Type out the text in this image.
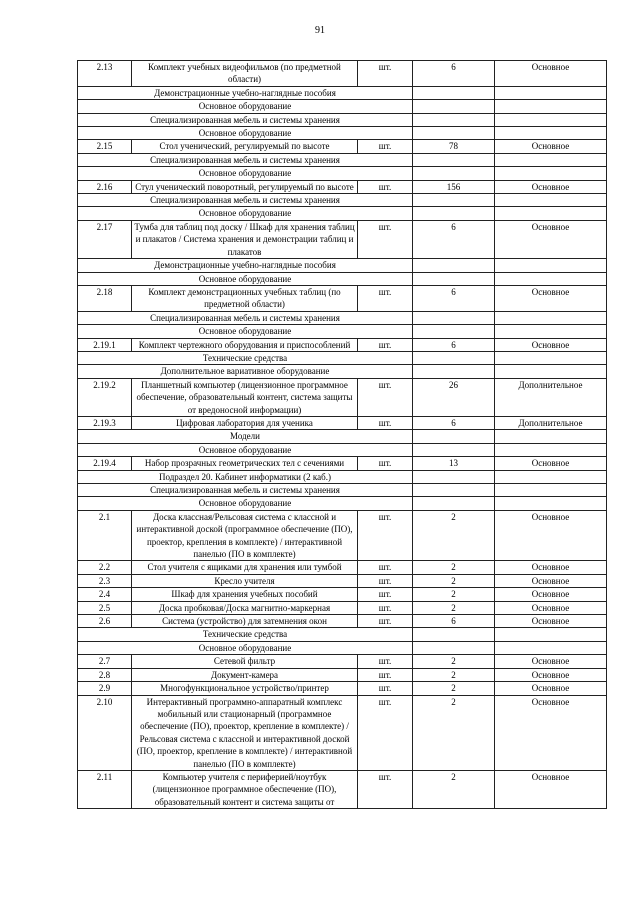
91
2.13	Комплект учебных видеофильмов (по предметной области)	шт.	6	Основное
Демонстрационные учебно-наглядные пособия				
Основное оборудование				
Специализированная мебель и системы хранения				
Основное оборудование				
2.15	Стол ученический, регулируемый по высоте	шт.	78	Основное
Специализированная мебель и системы хранения				
Основное оборудование				
2.16	Стул ученический поворотный, регулируемый по высоте	шт.	156	Основное
Специализированная мебель и системы хранения				
Основное оборудование				
2.17	Тумба для таблиц под доску / Шкаф для хранения таблиц и плакатов / Система хранения и демонстрации таблиц и плакатов	шт.	6	Основное
Демонстрационные учебно-наглядные пособия				
Основное оборудование				
2.18	Комплект демонстрационных учебных таблиц (по предметной области)	шт.	6	Основное
Специализированная мебель и системы хранения				
Основное оборудование				
2.19.1	Комплект чертежного оборудования и приспособлений	шт.	6	Основное
Технические средства				
Дополнительное вариативное оборудование				
2.19.2	Планшетный компьютер (лицензионное программное обеспечение, образовательный контент, система защиты от вредоносной информации)	шт.	26	Дополнительное
2.19.3	Цифровая лаборатория для ученика	шт.	6	Дополнительное
Модели				
Основное оборудование				
2.19.4	Набор прозрачных геометрических тел с сечениями	шт.	13	Основное
Подраздел 20. Кабинет информатики (2 каб.)				
Специализированная мебель и системы хранения				
Основное оборудование				
2.1	Доска классная/Рельсовая система с классной и интерактивной доской (программное обеспечение (ПО), проектор, крепления в комплекте) / интерактивной панелью (ПО в комплекте)	шт.	2	Основное
2.2	Стол учителя с ящиками для хранения или тумбой	шт.	2	Основное
2.3	Кресло учителя	шт.	2	Основное
2.4	Шкаф для хранения учебных пособий	шт.	2	Основное
2.5	Доска пробковая/Доска магнитно-маркерная	шт.	2	Основное
2.6	Система (устройство) для затемнения окон	шт.	6	Основное
Технические средства				
Основное оборудование				
2.7	Сетевой фильтр	шт.	2	Основное
2.8	Документ-камера	шт.	2	Основное
2.9	Многофункциональное устройство/принтер	шт.	2	Основное
2.10	Интерактивный программно-аппаратный комплекс мобильный или стационарный (программное обеспечение (ПО), проектор, крепление в комплекте) / Рельсовая система с классной и интерактивной доской (ПО, проектор, крепление в комплекте) / интерактивной панелью (ПО в комплекте)	шт.	2	Основное
2.11	Компьютер учителя с периферией/ноутбук (лицензионное программное обеспечение (ПО), образовательный контент и система защиты от	шт.	2	Основное
